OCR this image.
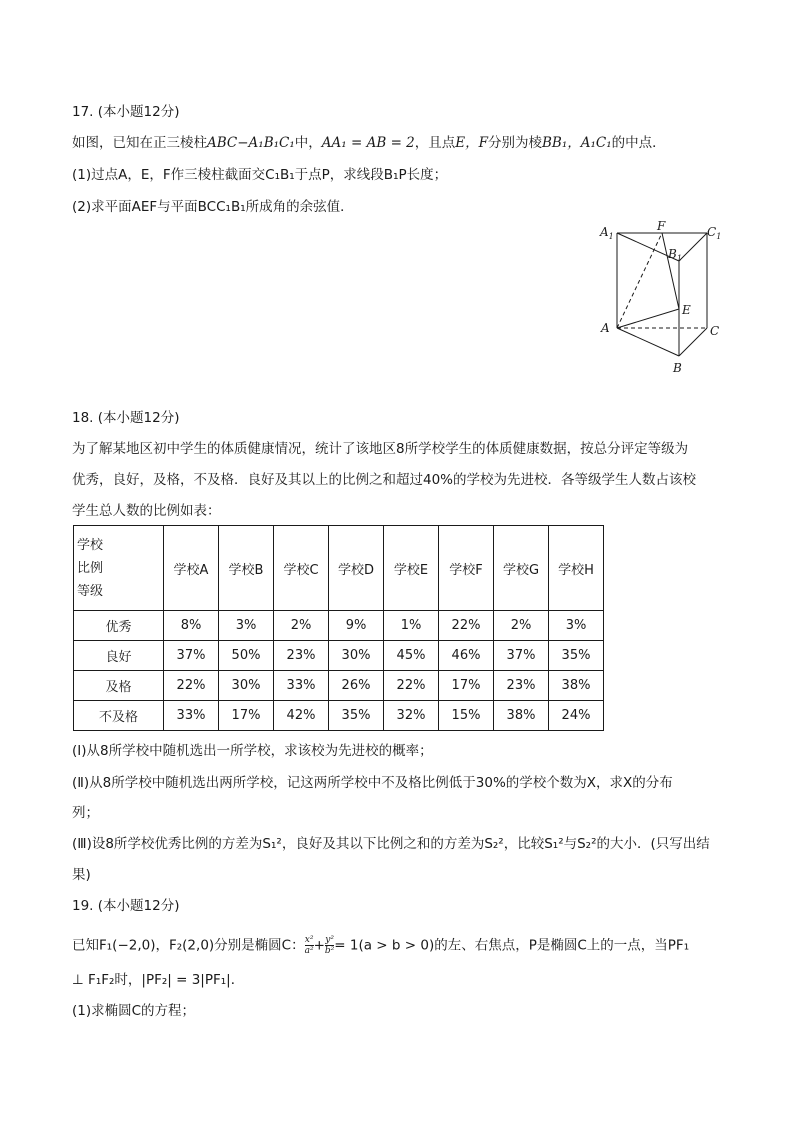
17. (本小题12分)
如图，已知在正三棱柱ABC−A₁B₁C₁中，AA₁ = AB = 2，且点E，F分别为棱BB₁，A₁C₁的中点．
(1)过点A，E，F作三棱柱截面交C₁B₁于点P，求线段B₁P长度；
(2)求平面AEF与平面BCC₁B₁所成角的余弦值．
$A_1$
F	$C_1$
$B_1$
E
A	C
B
18. (本小题12分)
为了解某地区初中学生的体质健康情况，统计了该地区8所学校学生的体质健康数据，按总分评定等级为
优秀，良好，及格，不及格．良好及其以上的比例之和超过40%的学校为先进校．各等级学生人数占该校
学生总人数的比例如表：
学校
比例
等级	学校A	学校B	学校C	学校D	学校E	学校F	学校G	学校H
优秀	8%	3%	2%	9%	1%	22%	2%	3%
良好	37%	50%	23%	30%	45%	46%	37%	35%
及格	22%	30%	33%	26%	22%	17%	23%	38%
不及格	33%	17%	42%	35%	32%	15%	38%	24%
(Ⅰ)从8所学校中随机选出一所学校，求该校为先进校的概率；
(Ⅱ)从8所学校中随机选出两所学校，记这两所学校中不及格比例低于30%的学校个数为X，求X的分布
列；
(Ⅲ)设8所学校优秀比例的方差为S₁²，良好及其以下比例之和的方差为S₂²，比较S₁²与S₂²的大小．(只写出结
果)
19. (本小题12分)
已知F₁(−2,0)，F₂(2,0)分别是椭圆C： $\frac{\text{x²}}{\text{a²}} + \frac{\text{y²}}{\text{b²}} = 1(a > b > 0)$的左、右焦点，P是椭圆C上的一点，当PF₁
⊥ F₁F₂时，|PF₂| = 3|PF₁|．
(1)求椭圆C的方程；
